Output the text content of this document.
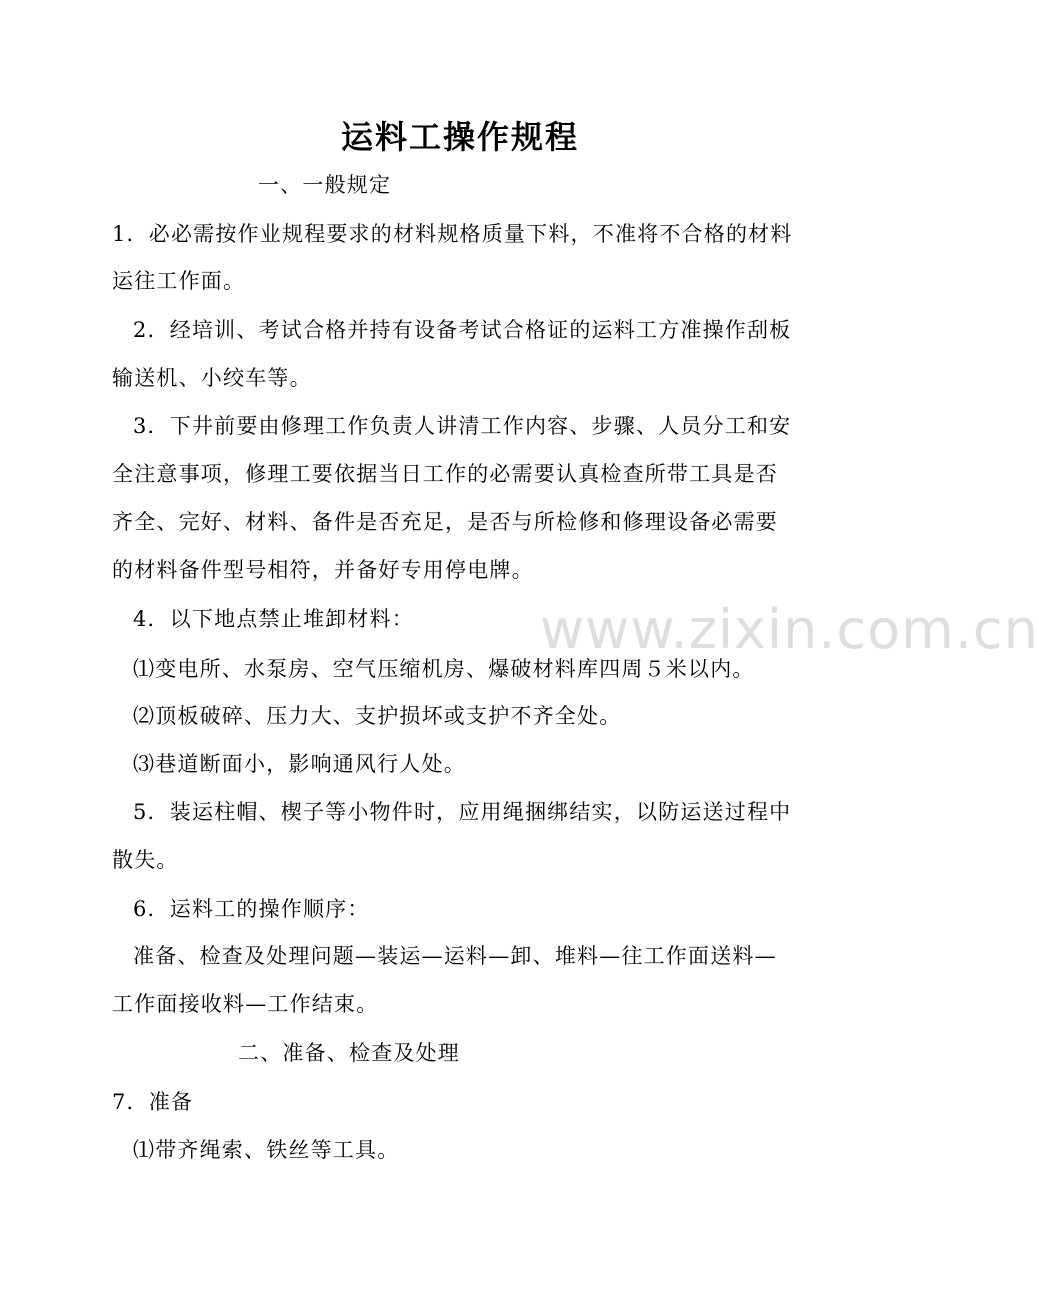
运料工操作规程
一、一般规定
1．必必需按作业规程要求的材料规格质量下料，不准将不合格的材料
运往工作面。
2．经培训、考试合格并持有设备考试合格证的运料工方准操作刮板
输送机、小绞车等。
3．下井前要由修理工作负责人讲清工作内容、步骤、人员分工和安
全注意事项，修理工要依据当日工作的必需要认真检查所带工具是否
齐全、完好、材料、备件是否充足，是否与所检修和修理设备必需要
的材料备件型号相符，并备好专用停电牌。
4．以下地点禁止堆卸材料：
⑴变电所、水泵房、空气压缩机房、爆破材料库四周５米以内。
⑵顶板破碎、压力大、支护损坏或支护不齐全处。
⑶巷道断面小，影响通风行人处。
5．装运柱帽、楔子等小物件时，应用绳捆绑结实，以防运送过程中
散失。
6．运料工的操作顺序：
准备、检查及处理问题—装运—运料—卸、堆料—往工作面送料—
工作面接收料—工作结束。
二、准备、检查及处理
7．准备
⑴带齐绳索、铁丝等工具。
www.zixin.com.cn
